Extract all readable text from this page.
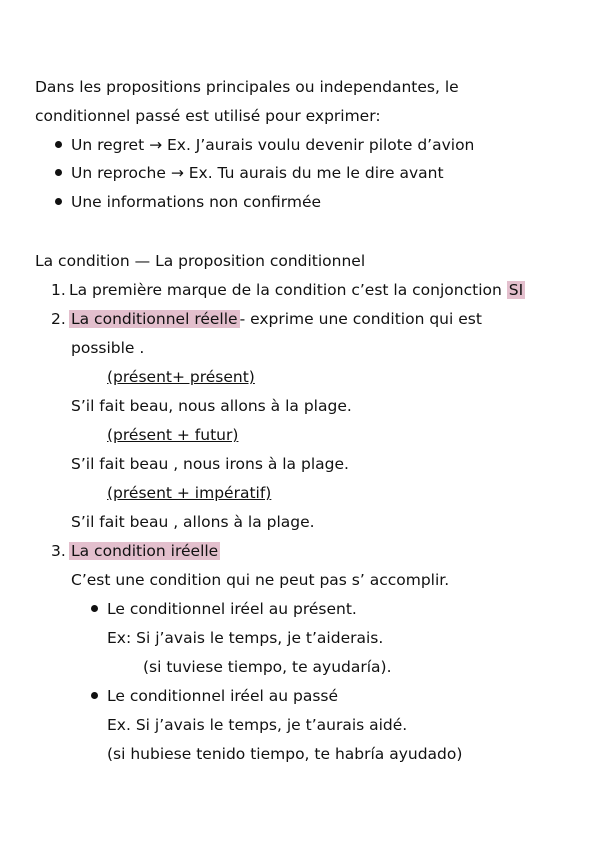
Dans les propositions principales ou independantes, le
conditionnel passé est utilisé pour exprimer:
Un regret → Ex. J’aurais voulu devenir pilote d’avion
Un reproche → Ex. Tu aurais du me le dire avant
Une informations non confirmée
La condition — La proposition conditionnel
1. La première marque de la condition c’est la conjonction SI
2. La conditionnel réelle - exprime une condition qui est
possible .
(présent+ présent)
S’il fait beau, nous allons à la plage.
(présent + futur)
S’il fait beau , nous irons à la plage.
(présent + impératif)
S’il fait beau , allons à la plage.
3. La condition iréelle
C’est une condition qui ne peut pas s’ accomplir.
Le conditionnel iréel au présent.
Ex: Si j’avais le temps, je t’aiderais.
(si tuviese tiempo, te ayudaría).
Le conditionnel iréel au passé
Ex. Si j’avais le temps, je t’aurais aidé.
(si hubiese tenido tiempo, te habría ayudado)
